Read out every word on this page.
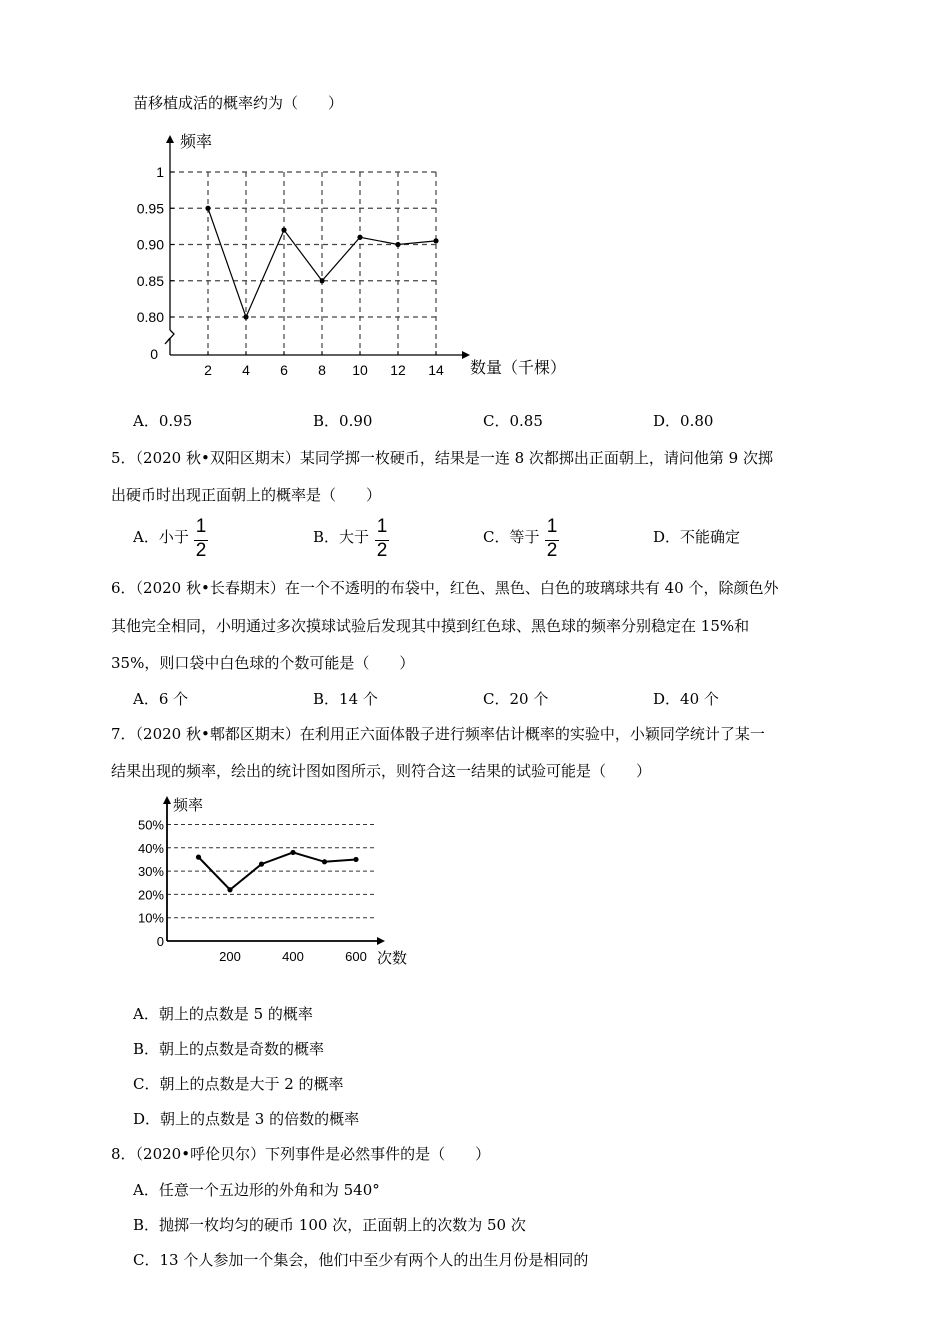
苗移植成活的概率约为（　　）
1
0.95
0.90
0.85
0.80
2 4 6 8 10 12 14
0
频率
数量（千棵）
A．0.95	B．0.90	C．0.85	D．0.80
5．（2020 秋•双阳区期末）某同学掷一枚硬币，结果是一连 8 次都掷出正面朝上，请问他第 9 次掷
出硬币时出现正面朝上的概率是（　　）
A．小于 1
2
B．大于 1
2
C．等于 1
2
D．不能确定
6．（2020 秋•长春期末）在一个不透明的布袋中，红色、黑色、白色的玻璃球共有 40 个，除颜色外
其他完全相同，小明通过多次摸球试验后发现其中摸到红色球、黑色球的频率分别稳定在 15%和
35%，则口袋中白色球的个数可能是（　　）
A．6 个	B．14 个	C．20 个	D．40 个
7．（2020 秋•郫都区期末）在利用正六面体骰子进行频率估计概率的实验中，小颖同学统计了某一
结果出现的频率，绘出的统计图如图所示，则符合这一结果的试验可能是（　　）
50%
40%
30%
20%
10%
0
200	400	600
频率
次数
A．朝上的点数是 5 的概率
B．朝上的点数是奇数的概率
C．朝上的点数是大于 2 的概率
D．朝上的点数是 3 的倍数的概率
8．（2020•呼伦贝尔）下列事件是必然事件的是（　　）
A．任意一个五边形的外角和为 540°
B．抛掷一枚均匀的硬币 100 次，正面朝上的次数为 50 次
C．13 个人参加一个集会，他们中至少有两个人的出生月份是相同的
